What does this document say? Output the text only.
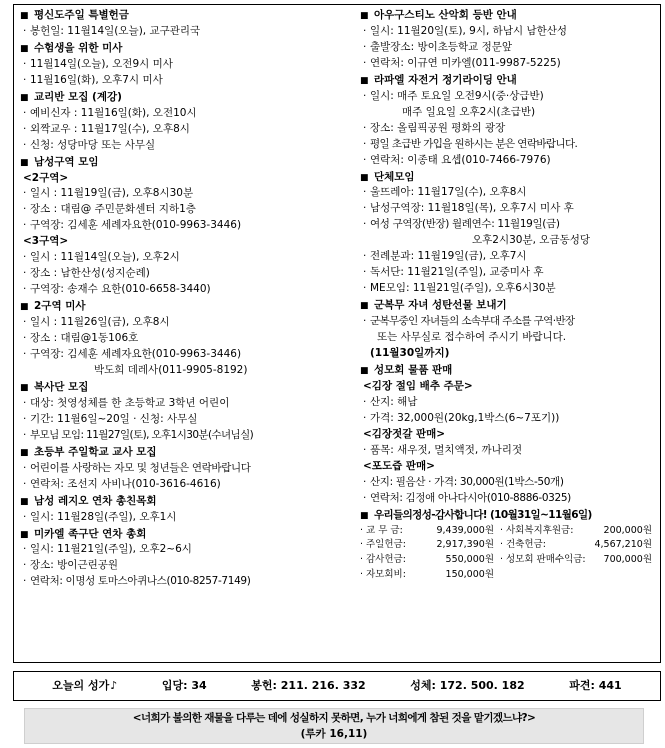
■ 평신도주일 특별헌금
· 봉헌일: 11월14일(오늘), 교구관리국
■ 수험생을 위한 미사
· 11월14일(오늘), 오전9시 미사
· 11월16일(화), 오후7시 미사
■ 교리반 모집 (계강)
· 예비신자 : 11월16일(화), 오전10시
· 외짝교우 : 11월17일(수), 오후8시
· 신청: 성당마당 또는 사무실
■ 남성구역 모임
<2구역>
· 일시 : 11월19일(금), 오후8시30분
· 장소 : 대림@ 주민문화센터 지하1층
· 구역장: 김세훈 세례자요한(010-9963-3446)
<3구역>
· 일시 : 11월14일(오늘), 오후2시
· 장소 : 남한산성(성지순례)
· 구역장: 송재수 요한(010-6658-3440)
■ 2구역 미사
· 일시 : 11월26일(금), 오후8시
· 장소 : 대림@1동106호
· 구역장: 김세훈 세례자요한(010-9963-3446)
박도희 데레사(011-9905-8192)
■ 복사단 모집
· 대상: 첫영성체를 한 초등학교 3학년 어린이
· 기간: 11월6일~20일 · 신청: 사무실
· 부모님 모임: 11월27일(토), 오후1시30분(수녀님실)
■ 초등부 주일학교 교사 모집
· 어린이를 사랑하는 자모 및 청년들은 연락바랍니다
· 연락처: 조선지 사비나(010-3616-4616)
■ 남성 레지오 연차 총친목회
· 일시: 11월28일(주일), 오후1시
■ 미카엘 족구단 연차 총회
· 일시: 11월21일(주일), 오후2~6시
· 장소: 방이근린공원
· 연락처: 이명성 토마스아퀴나스(010-8257-7149)
■ 아우구스티노 산악회 등반 안내
· 일시: 11월20일(토), 9시, 하남시 남한산성
· 출발장소: 방이초등학교 정문앞
· 연락처: 이규연 미카엘(011-9987-5225)
■ 라파엘 자전거 정기라이딩 안내
· 일시: 매주 토요일 오전9시(중·상급반)
매주 일요일 오후2시(초급반)
· 장소: 올림픽공원 평화의 광장
· 평일 초급반 가입을 원하시는 분은 연락바랍니다.
· 연락처: 이종태 요셉(010-7466-7976)
■ 단체모임
· 울뜨레아: 11월17일(수), 오후8시
· 남성구역장: 11월18일(목), 오후7시 미사 후
· 여성 구역장(반장) 월례연수: 11월19일(금)
오후2시30분, 오금동성당
· 전례분과: 11월19일(금), 오후7시
· 독서단: 11월21일(주일), 교중미사 후
· ME모임: 11월21일(주일), 오후6시30분
■ 군복무 자녀 성탄선물 보내기
· 군복무중인 자녀들의 소속부대 주소를 구역·반장
또는 사무실로 접수하여 주시기 바랍니다.
(11월30일까지)
■ 성모회 물품 판매
<김장 절임 배추 주문>
· 산지: 해남
· 가격: 32,000원(20kg,1박스(6~7포기))
<김장젓갈 판매>
· 품목: 새우젓, 멸치액젓, 까나리젓
<포도즙 판매>
· 산지: 필음산 · 가격: 30,000원(1박스-50개)
· 연락처: 김정애 아나다시아(010-8886-0325)
■ 우리들의정성-감사합니다! (10월31일~11월6일)
· 교 무 금:	9,439,000원	· 사회복지후원금:	200,000원
· 주일헌금:	2,917,390원	· 건축헌금:	4,567,210원
· 감사헌금:	550,000원	· 성모회 판매수익금: 700,000원
· 자모회비:	150,000원
오늘의 성가♪	입당: 34	봉헌: 211. 216. 332	성체: 172. 500. 182	파견: 441
<너희가 불의한 재물을 다루는 데에 성실하지 못하면, 누가 너희에게 참된 것을 맡기겠느냐?>
(루카 16,11)
